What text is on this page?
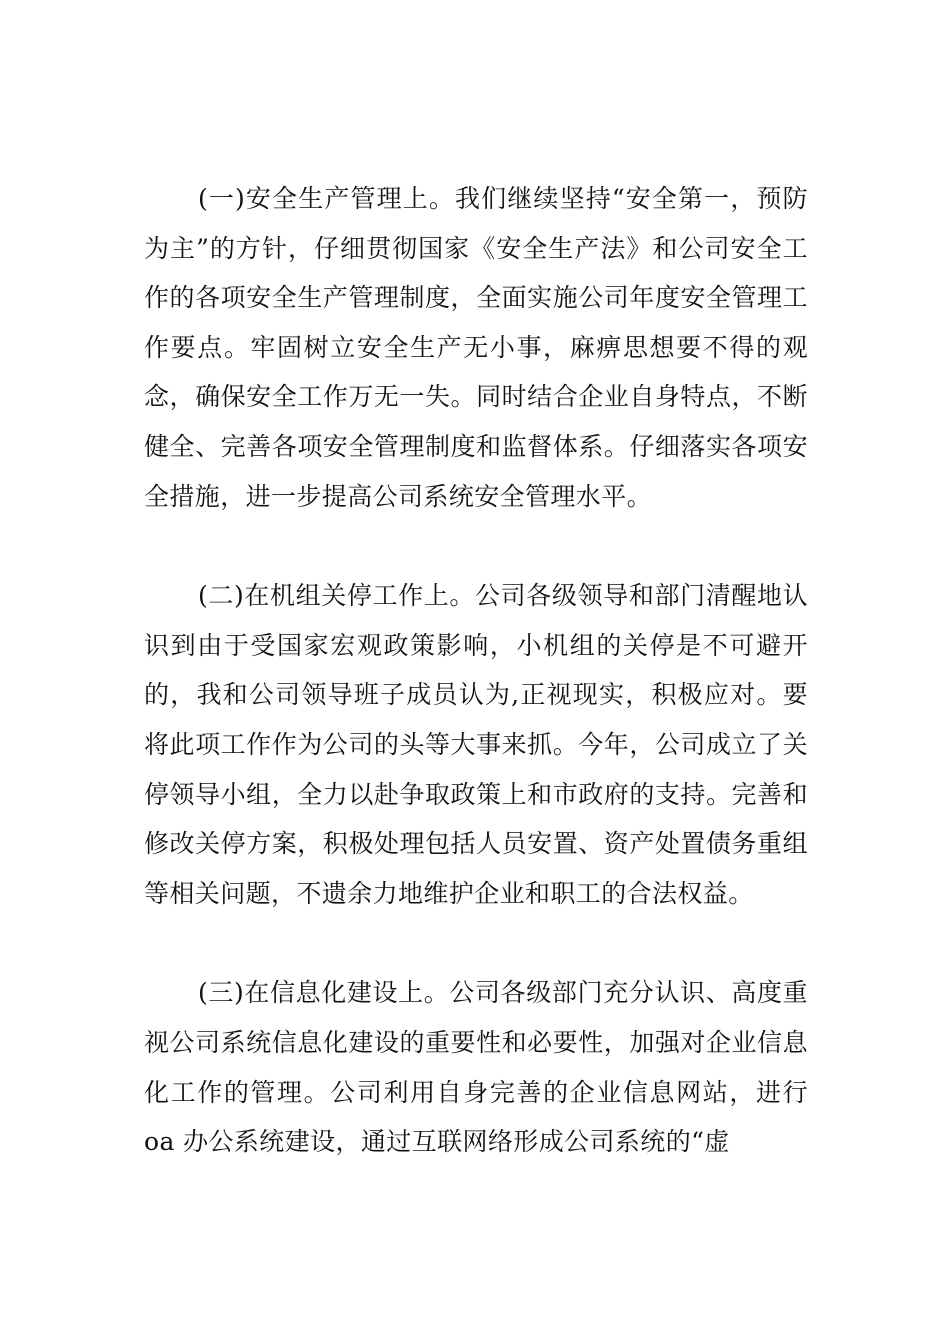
(一)安全生产管理上。我们继续坚持“安全第一，预防为主”的方针，仔细贯彻国家《安全生产法》和公司安全工作的各项安全生产管理制度，全面实施公司年度安全管理工作要点。牢固树立安全生产无小事，麻痹思想要不得的观念，确保安全工作万无一失。同时结合企业自身特点，不断健全、完善各项安全管理制度和监督体系。仔细落实各项安全措施，进一步提高公司系统安全管理水平。

(二)在机组关停工作上。公司各级领导和部门清醒地认识到由于受国家宏观政策影响，小机组的关停是不可避开的，我和公司领导班子成员认为,正视现实，积极应对。要将此项工作作为公司的头等大事来抓。今年，公司成立了关停领导小组，全力以赴争取政策上和市政府的支持。完善和修改关停方案，积极处理包括人员安置、资产处置债务重组等相关问题，不遗余力地维护企业和职工的合法权益。

(三)在信息化建设上。公司各级部门充分认识、高度重视公司系统信息化建设的重要性和必要性，加强对企业信息化工作的管理。公司利用自身完善的企业信息网站，进行 oa 办公系统建设，通过互联网络形成公司系统的“虚
